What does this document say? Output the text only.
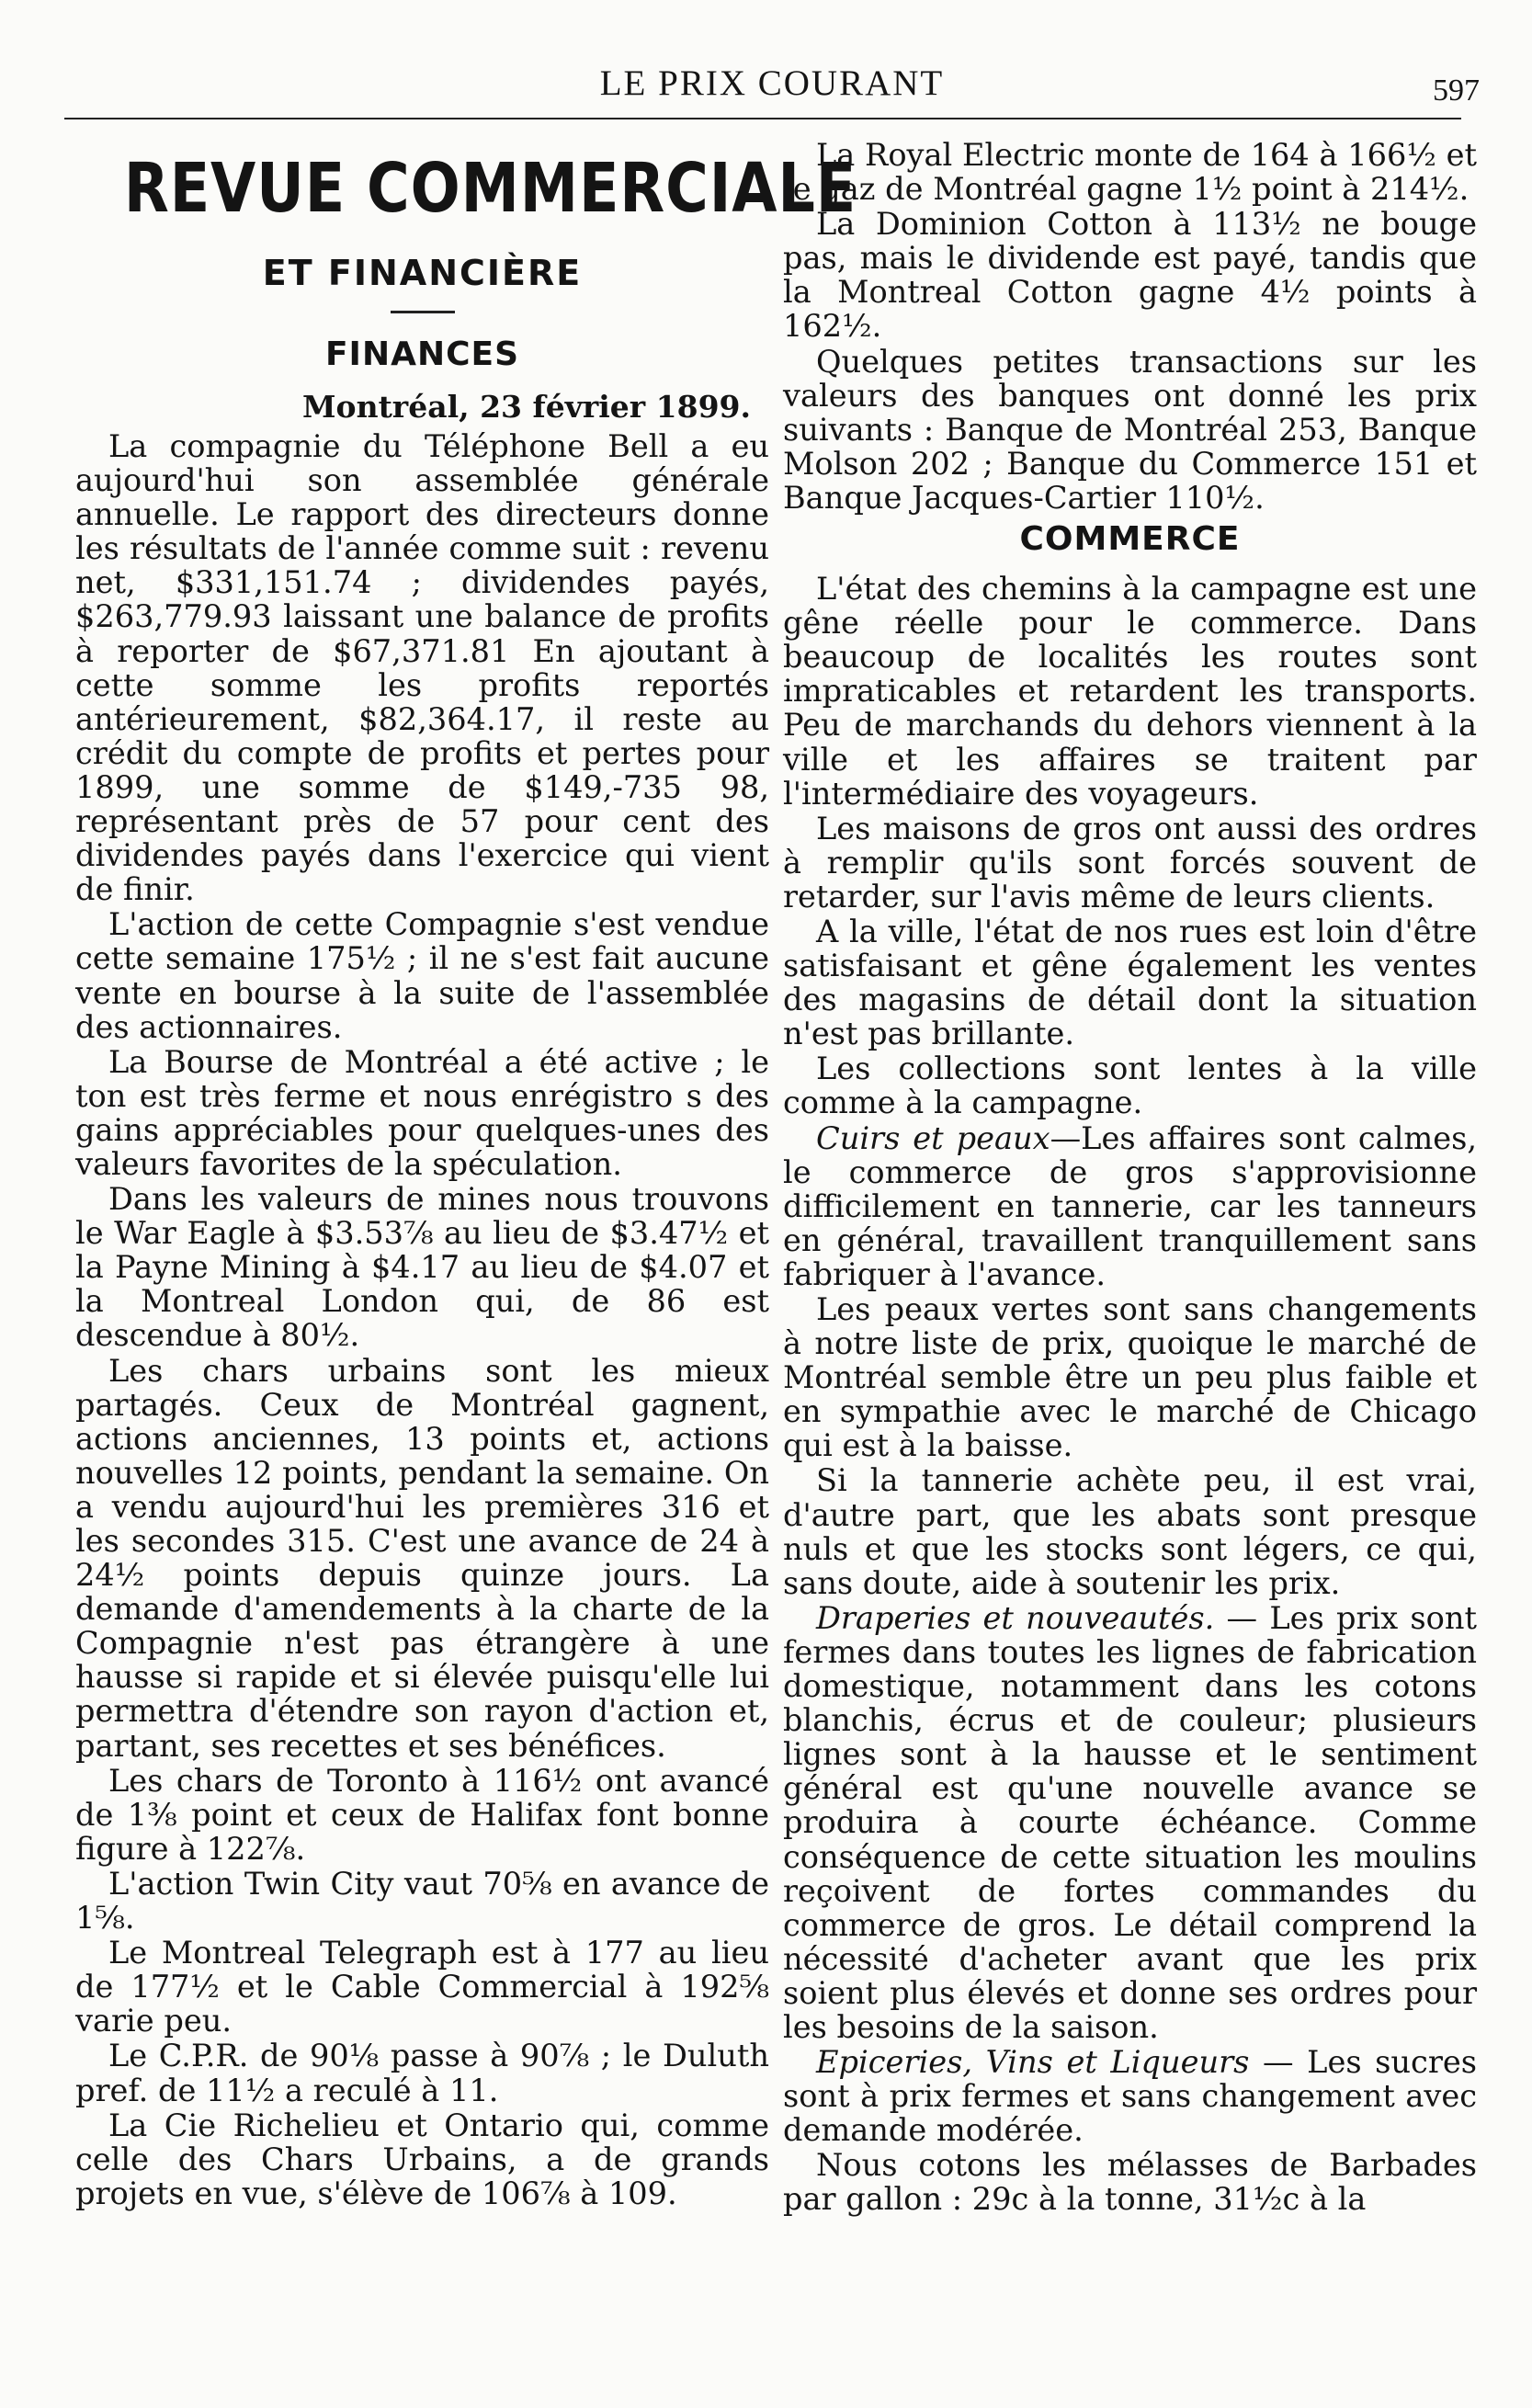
LE PRIX COURANT	597
REVUE COMMERCIALE
ET FINANCIÈRE
FINANCES
Montréal, 23 février 1899.

La compagnie du Téléphone Bell a eu aujourd'hui son assemblée générale annuelle. Le rapport des directeurs donne les résultats de l'année comme suit : revenu net, $331,151.74 ; dividendes payés, $263,779.93 laissant une balance de profits à reporter de $67,371.81 En ajoutant à cette somme les profits reportés antérieurement, $82,364.17, il reste au crédit du compte de profits et pertes pour 1899, une somme de $149,-735 98, représentant près de 57 pour cent des dividendes payés dans l'exercice qui vient de finir.

L'action de cette Compagnie s'est vendue cette semaine 175½ ; il ne s'est fait aucune vente en bourse à la suite de l'assemblée des actionnaires.

La Bourse de Montréal a été active ; le ton est très ferme et nous enrégistro s des gains appréciables pour quelques-unes des valeurs favorites de la spéculation.

Dans les valeurs de mines nous trouvons le War Eagle à $3.53⅞ au lieu de $3.47½ et la Payne Mining à $4.17 au lieu de $4.07 et la Montreal London qui, de 86 est descendue à 80½.

Les chars urbains sont les mieux partagés. Ceux de Montréal gagnent, actions anciennes, 13 points et, actions nouvelles 12 points, pendant la semaine. On a vendu aujourd'hui les premières 316 et les secondes 315. C'est une avance de 24 à 24½ points depuis quinze jours. La demande d'amendements à la charte de la Compagnie n'est pas étrangère à une hausse si rapide et si élevée puisqu'elle lui permettra d'étendre son rayon d'action et, partant, ses recettes et ses bénéfices.

Les chars de Toronto à 116½ ont avancé de 1⅜ point et ceux de Halifax font bonne figure à 122⅞.

L'action Twin City vaut 70⅝ en avance de 1⅝.

Le Montreal Telegraph est à 177 au lieu de 177½ et le Cable Commercial à 192⅝ varie peu.

Le C.P.R. de 90⅛ passe à 90⅞ ; le Duluth pref. de 11½ a reculé à 11.

La Cie Richelieu et Ontario qui, comme celle des Chars Urbains, a de grands projets en vue, s'élève de 106⅞ à 109.

La Royal Electric monte de 164 à 166½ et le gaz de Montréal gagne 1½ point à 214½.

La Dominion Cotton à 113½ ne bouge pas, mais le dividende est payé, tandis que la Montreal Cotton gagne 4½ points à 162½.

Quelques petites transactions sur les valeurs des banques ont donné les prix suivants : Banque de Montréal 253, Banque Molson 202 ; Banque du Commerce 151 et Banque Jacques-Cartier 110½.

COMMERCE

L'état des chemins à la campagne est une gêne réelle pour le commerce. Dans beaucoup de localités les routes sont impraticables et retardent les transports. Peu de marchands du dehors viennent à la ville et les affaires se traitent par l'intermédiaire des voyageurs.

Les maisons de gros ont aussi des ordres à remplir qu'ils sont forcés souvent de retarder, sur l'avis même de leurs clients.

A la ville, l'état de nos rues est loin d'être satisfaisant et gêne également les ventes des magasins de détail dont la situation n'est pas brillante.

Les collections sont lentes à la ville comme à la campagne.

Cuirs et peaux—Les affaires sont calmes, le commerce de gros s'approvisionne difficilement en tannerie, car les tanneurs en général, travaillent tranquillement sans fabriquer à l'avance.

Les peaux vertes sont sans changements à notre liste de prix, quoique le marché de Montréal semble être un peu plus faible et en sympathie avec le marché de Chicago qui est à la baisse.

Si la tannerie achète peu, il est vrai, d'autre part, que les abats sont presque nuls et que les stocks sont légers, ce qui, sans doute, aide à soutenir les prix.

Draperies et nouveautés. — Les prix sont fermes dans toutes les lignes de fabrication domestique, notamment dans les cotons blanchis, écrus et de couleur; plusieurs lignes sont à la hausse et le sentiment général est qu'une nouvelle avance se produira à courte échéance. Comme conséquence de cette situation les moulins reçoivent de fortes commandes du commerce de gros. Le détail comprend la nécessité d'acheter avant que les prix soient plus élevés et donne ses ordres pour les besoins de la saison.

Epiceries, Vins et Liqueurs — Les sucres sont à prix fermes et sans changement avec demande modérée.

Nous cotons les mélasses de Barbades par gallon : 29c à la tonne, 31½c à la
